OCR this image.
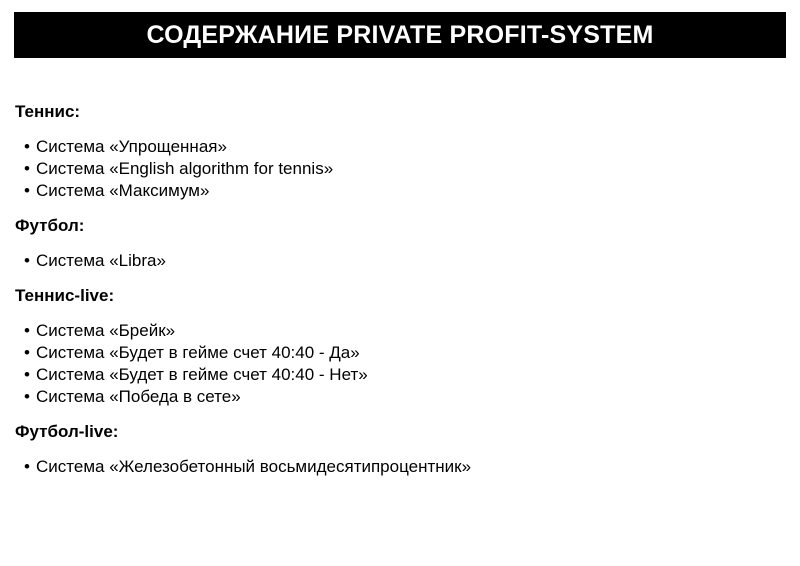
СОДЕРЖАНИЕ PRIVATE PROFIT-SYSTEM
Теннис:
• Система «Упрощенная»
• Система «English algorithm for tennis»
• Система «Максимум»
Футбол:
• Система «Libra»
Теннис-live:
• Система «Брейк»
• Система «Будет в гейме счет 40:40 - Да»
• Система «Будет в гейме счет 40:40 - Нет»
• Система «Победа в сете»
Футбол-live:
• Система «Железобетонный восьмидесятипроцентник»
